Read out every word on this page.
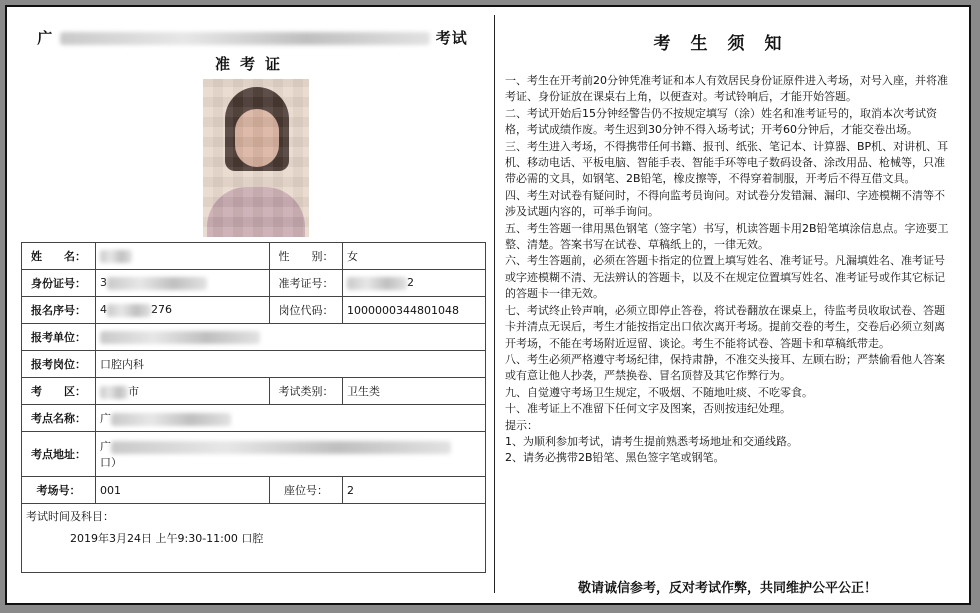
广	考试
准考证
姓　　名：		性　　别：	女
身份证号：	3	准考证号：	2
报名序号：	4 276	岗位代码：	1000000344801048
报考单位：			
报考岗位：	口腔内科		
考　　区：	市	考试类别：	卫生类
考点名称：	广		
考点地址：	广
口）		

考场号：	001	座位号：	2

考试时间及科目：
2019年3月24日 上午9:30-11:00 口腔			
考生须知

一、考生在开考前20分钟凭准考证和本人有效居民身份证原件进入考场，对号入座，并将准考证、身份证放在课桌右上角，以便查对。考试铃响后，才能开始答题。

二、考试开始后15分钟经警告仍不按规定填写（涂）姓名和准考证号的，取消本次考试资格，考试成绩作废。考生迟到30分钟不得入场考试；开考60分钟后，才能交卷出场。

三、考生进入考场，不得携带任何书籍、报刊、纸张、笔记本、计算器、BP机、对讲机、耳机、移动电话、平板电脑、智能手表、智能手环等电子数码设备、涂改用品、枪械等，只准带必需的文具，如钢笔、2B铅笔，橡皮擦等，不得穿着制服，开考后不得互借文具。

四、考生对试卷有疑问时，不得向监考员询问。对试卷分发错漏、漏印、字迹模糊不清等不涉及试题内容的，可举手询问。

五、考生答题一律用黑色钢笔（签字笔）书写，机读答题卡用2B铅笔填涂信息点。字迹要工整、清楚。答案书写在试卷、草稿纸上的，一律无效。

六、考生答题前，必须在答题卡指定的位置上填写姓名、准考证号。凡漏填姓名、准考证号或字迹模糊不清、无法辨认的答题卡，以及不在规定位置填写姓名、准考证号或作其它标记的答题卡一律无效。

七、考试终止铃声响，必须立即停止答卷，将试卷翻放在课桌上，待监考员收取试卷、答题卡并清点无误后，考生才能按指定出口依次离开考场。提前交卷的考生，交卷后必须立刻离开考场，不能在考场附近逗留、谈论。考生不能将试卷、答题卡和草稿纸带走。

八、考生必须严格遵守考场纪律，保持肃静，不准交头接耳、左顾右盼；严禁偷看他人答案或有意让他人抄袭，严禁换卷、冒名顶替及其它作弊行为。

九、自觉遵守考场卫生规定，不吸烟、不随地吐痰、不吃零食。

十、准考证上不准留下任何文字及图案，否则按违纪处理。

提示：

1、为顺利参加考试，请考生提前熟悉考场地址和交通线路。

2、请务必携带2B铅笔、黑色签字笔或钢笔。

敬请诚信参考，反对考试作弊，共同维护公平公正！
